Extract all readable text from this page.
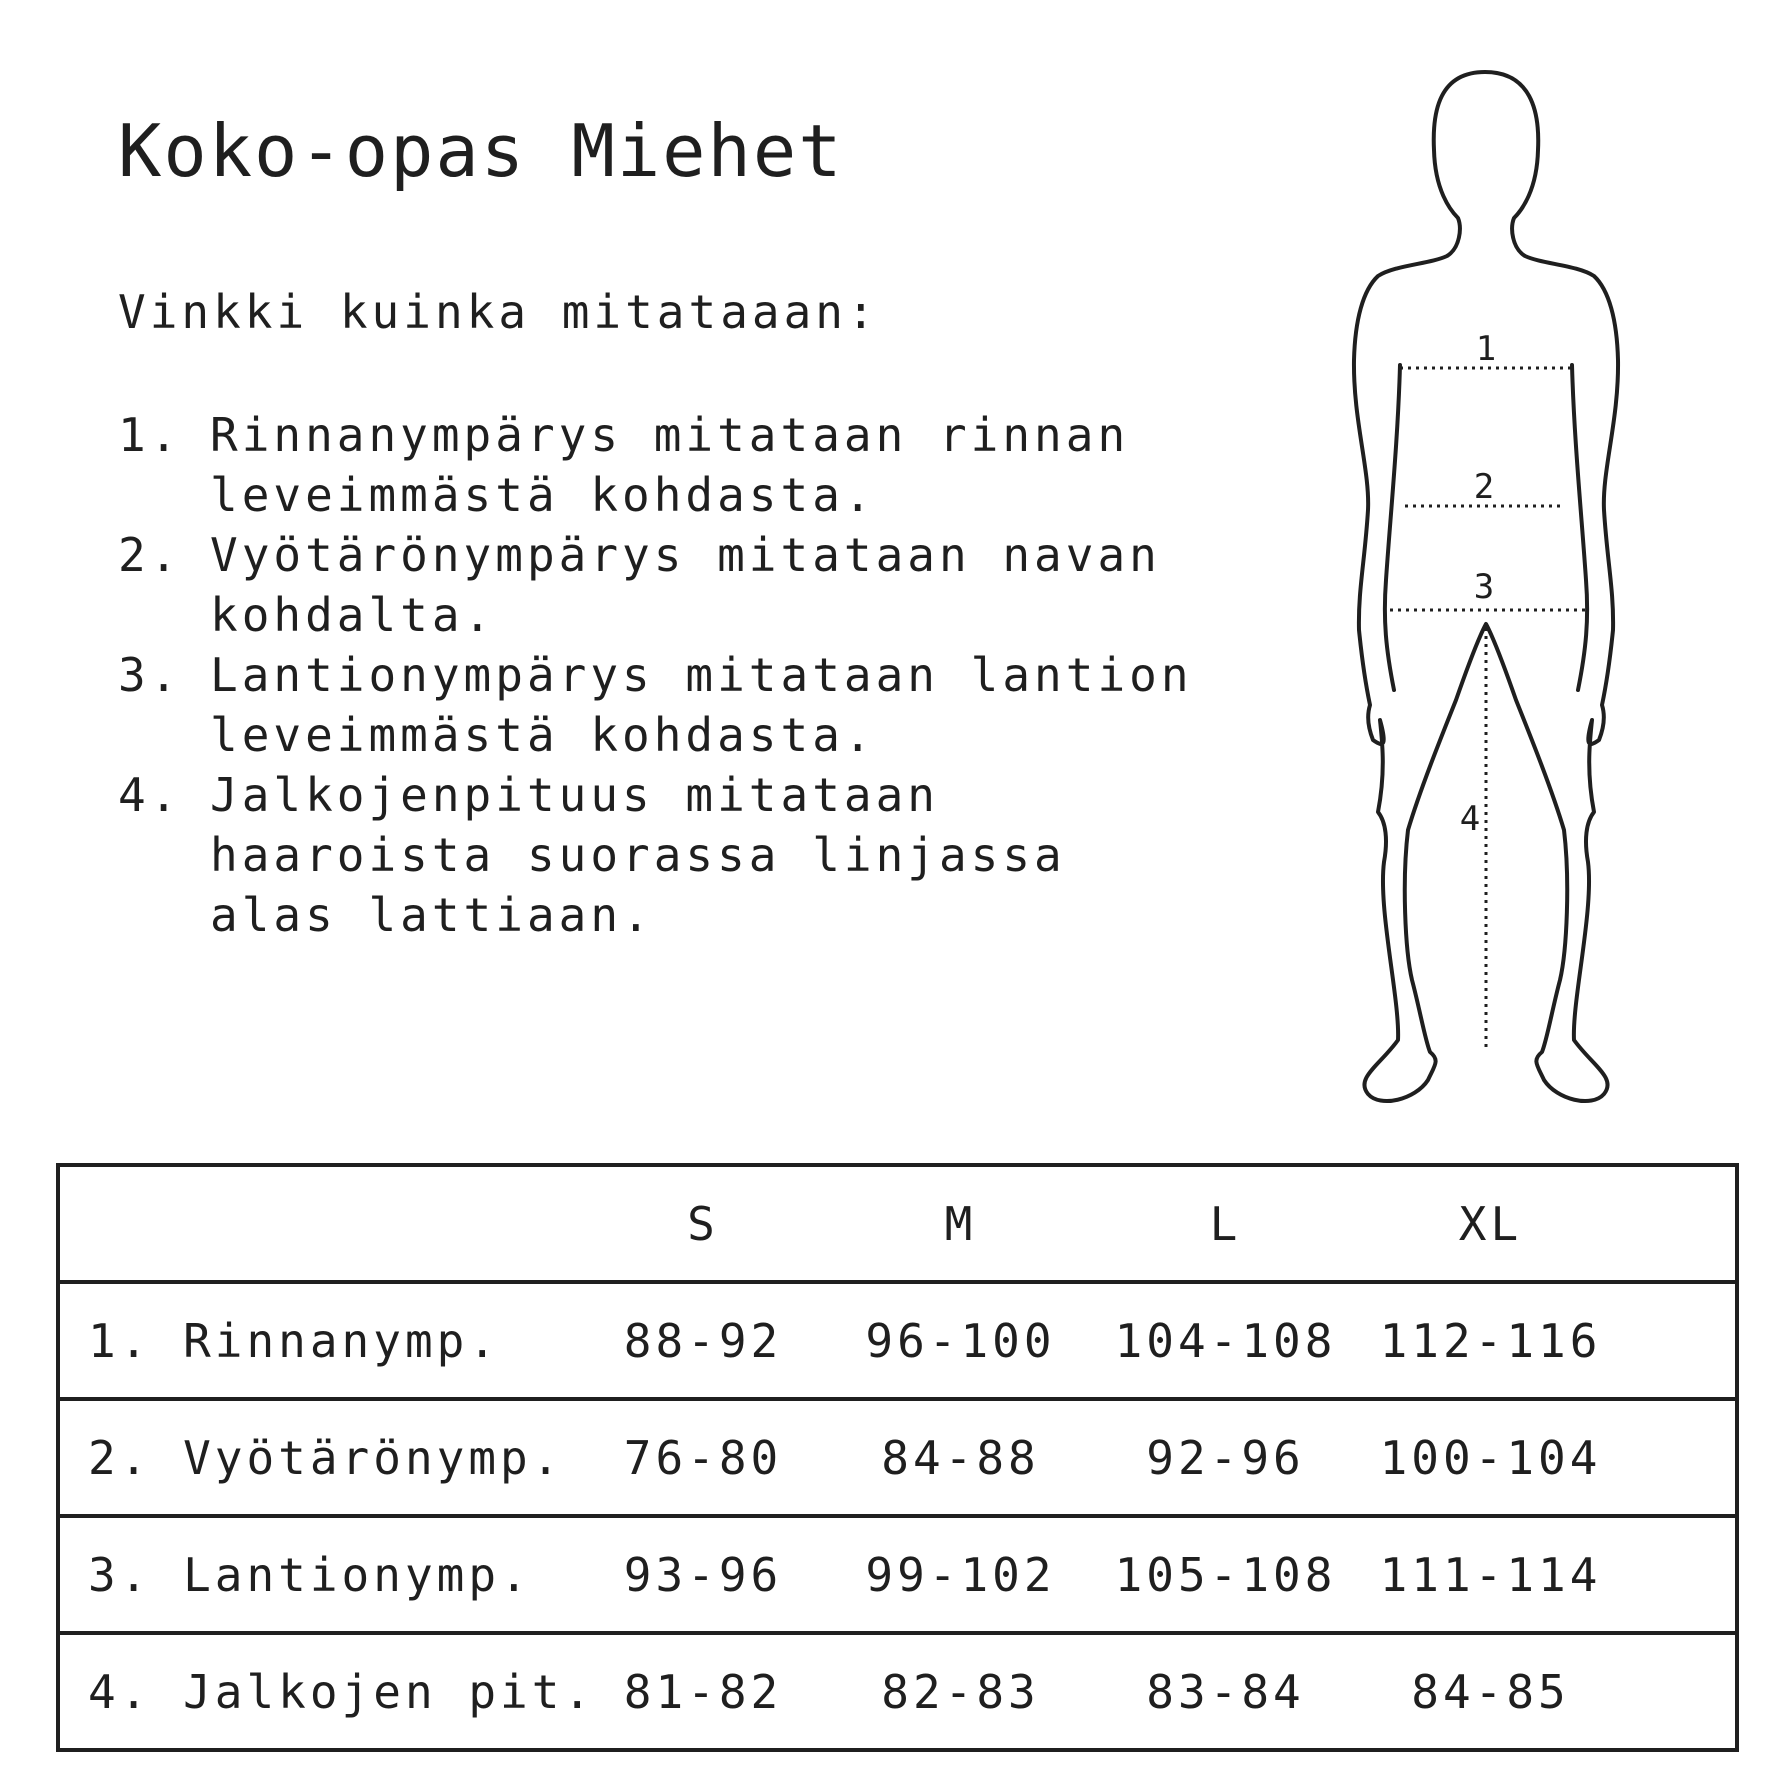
Koko-opas Miehet
Vinkki kuinka mitataaan:
1. Rinnanympärys mitataan rinnan leveimmästä kohdasta.
2. Vyötärönympärys mitataan navan kohdalta.
3. Lantionympärys mitataan lantion leveimmästä kohdasta.
4. Jalkojenpituus mitataan haaroista suorassa linjassa alas lattiaan.
1
2
3
4
	S	M	L	XL	
1. Rinnanymp.	88-92	96-100	104-108	112-116	
2. Vyötärönymp.	76-80	84-88	92-96	100-104	
3. Lantionymp.	93-96	99-102	105-108	111-114	
4. Jalkojen pit.	81-82	82-83	83-84	84-85	
